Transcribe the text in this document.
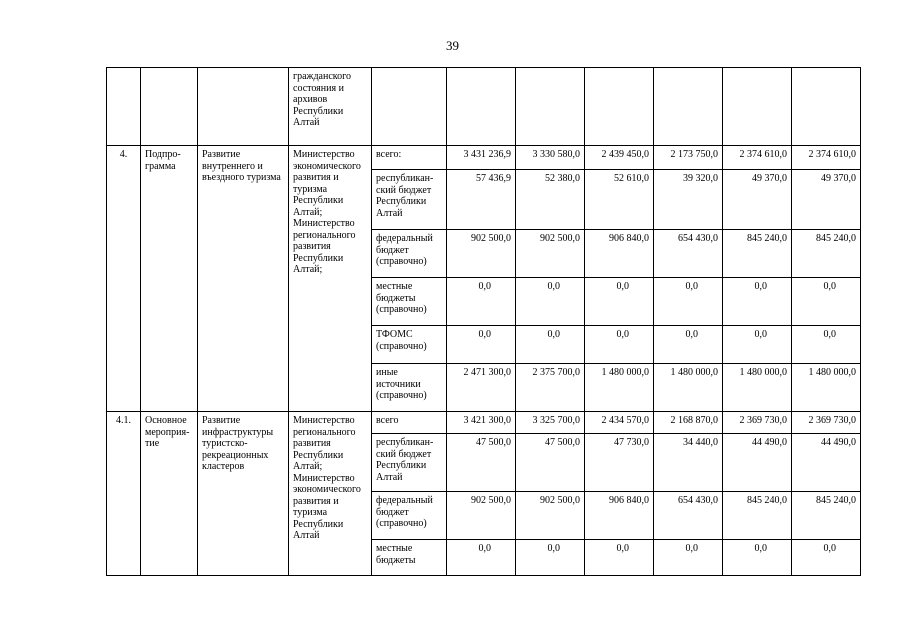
39
			гражданского состояния и архивов Республики Алтай							
4.	Подпро-грамма	Развитие внутреннего и въездного туризма	Министерство экономического развития и туризма Республики Алтай; Министерство регионального развития Республики Алтай;	всего:	3 431 236,9	3 330 580,0	2 439 450,0	2 173 750,0	2 374 610,0	2 374 610,0
				республикан-ский бюджет Республики Алтай	57 436,9	52 380,0	52 610,0	39 320,0	49 370,0	49 370,0
				федеральный бюджет (справочно)	902 500,0	902 500,0	906 840,0	654 430,0	845 240,0	845 240,0
				местные бюджеты (справочно)	0,0	0,0	0,0	0,0	0,0	0,0
				ТФОМС (справочно)	0,0	0,0	0,0	0,0	0,0	0,0
				иные источники (справочно)	2 471 300,0	2 375 700,0	1 480 000,0	1 480 000,0	1 480 000,0	1 480 000,0
4.1.	Основное мероприя-тие	Развитие инфраструктуры туристско-рекреационных кластеров	Министерство регионального развития Республики Алтай; Министерство экономического развития и туризма Республики Алтай	всего	3 421 300,0	3 325 700,0	2 434 570,0	2 168 870,0	2 369 730,0	2 369 730,0
				республикан-ский бюджет Республики Алтай	47 500,0	47 500,0	47 730,0	34 440,0	44 490,0	44 490,0
				федеральный бюджет (справочно)	902 500,0	902 500,0	906 840,0	654 430,0	845 240,0	845 240,0
				местные бюджеты	0,0	0,0	0,0	0,0	0,0	0,0
